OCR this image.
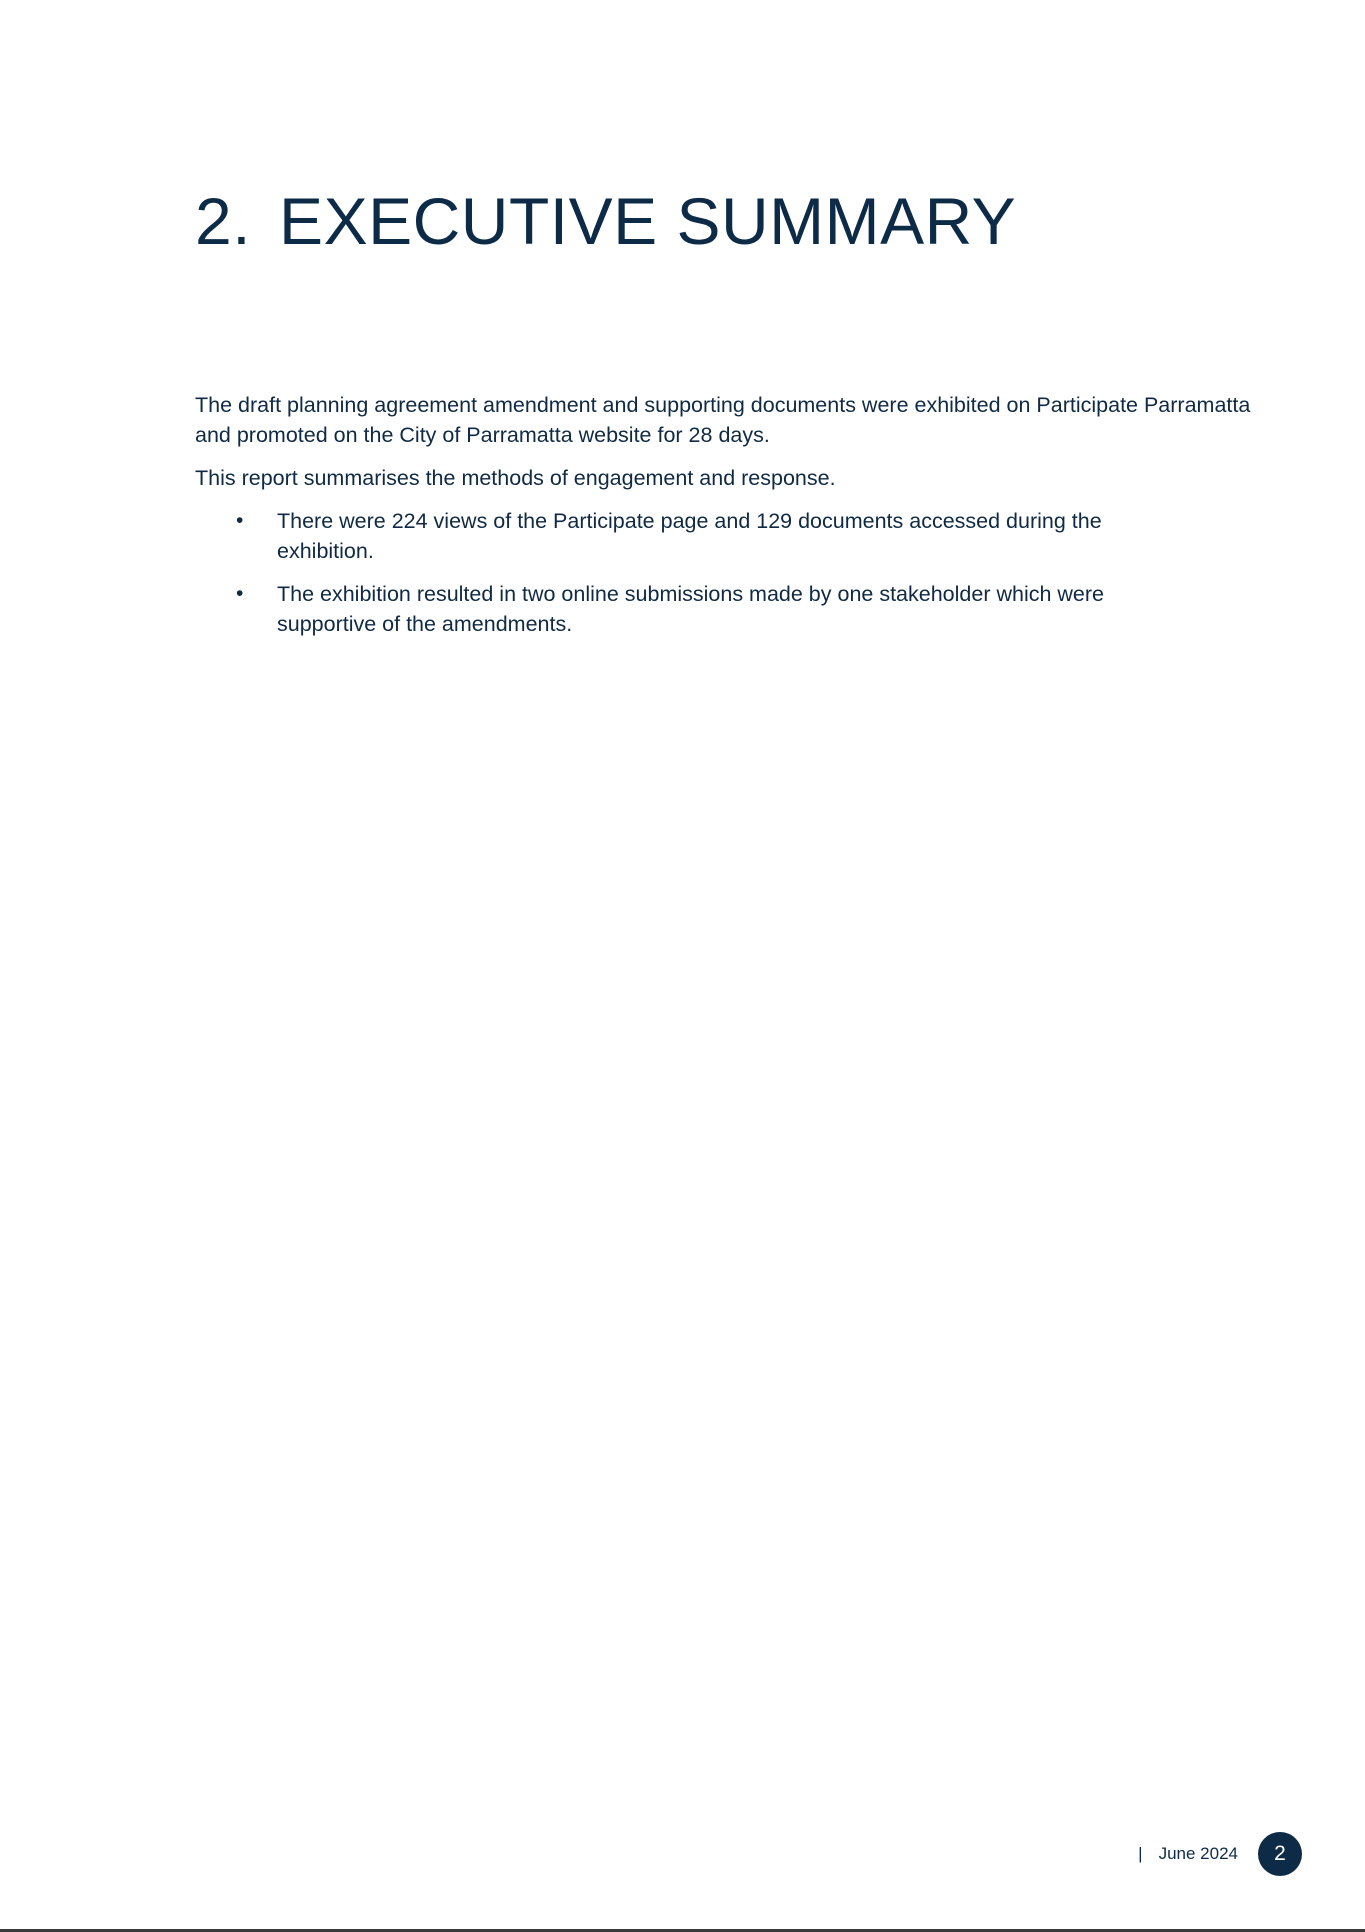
2. EXECUTIVE SUMMARY

The draft planning agreement amendment and supporting documents were exhibited on Participate Parramatta and promoted on the City of Parramatta website for 28 days.

This report summarises the methods of engagement and response.

• There were 224 views of the Participate page and 129 documents accessed during the exhibition.
• The exhibition resulted in two online submissions made by one stakeholder which were supportive of the amendments.
| June 2024	2
